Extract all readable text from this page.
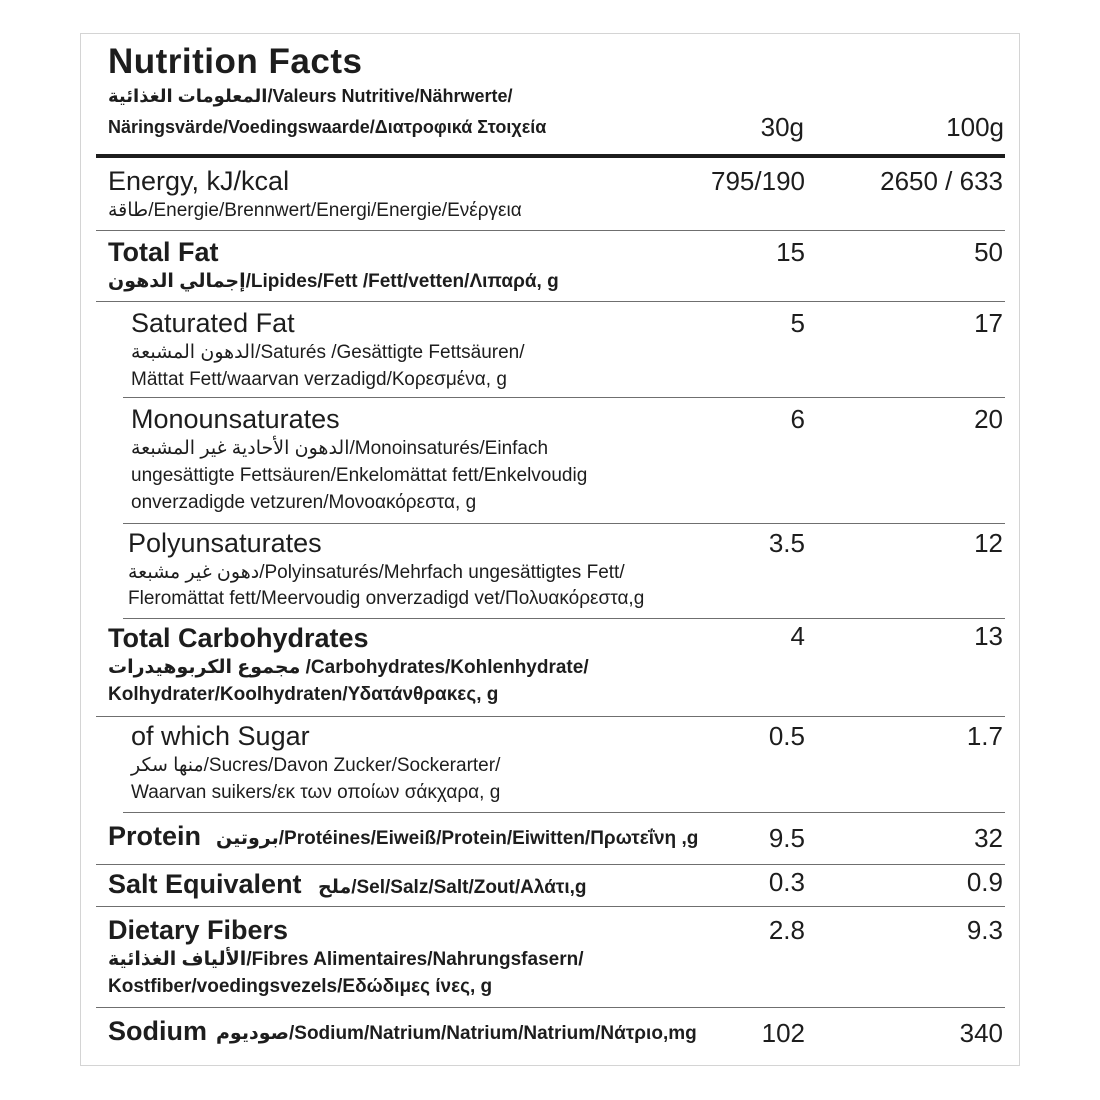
Nutrition Facts
المعلومات الغذائية/Valeurs Nutritive/Nährwerte/
Näringsvärde/Voedingswaarde/Διατροφικά Στοιχεία	30g	100g
Energy, kJ/kcal
طاقة/Energie/Brennwert/Energi/Energie/Ενέργεια
795/190	2650 / 633
Total Fat
إجمالي الدهون/Lipides/Fett /Fett/vetten/Λιπαρά, g
15	50
Saturated Fat
الدهون المشبعة/Saturés /Gesättigte Fettsäuren/
Mättat Fett/waarvan verzadigd/Κορεσμένα, g
5	17
Monounsaturates
الدهون الأحادية غير المشبعة/Monoinsaturés/Einfach
ungesättigte Fettsäuren/Enkelomättat fett/Enkelvoudig
onverzadigde vetzuren/Μονοακόρεστα, g
6	20
Polyunsaturates
دهون غير مشبعة/Polyinsaturés/Mehrfach ungesättigtes Fett/
Fleromättat fett/Meervoudig onverzadigd vet/Πολυακόρεστα,g
3.5	12
Total Carbohydrates
مجموع الكربوهيدرات /Carbohydrates/Kohlenhydrate/
Kolhydrater/Koolhydraten/Υδατάνθρακες, g
4	13
of which Sugar
منها سكر/Sucres/Davon Zucker/Sockerarter/
Waarvan suikers/εκ των οποίων σάκχαρα, g
0.5	1.7
Protein بروتين/Protéines/Eiweiß/Protein/Eiwitten/Πρωτεΐνη ,g	9.5	32
Salt Equivalent ملح/Sel/Salz/Salt/Zout/Αλάτι,g	0.3	0.9
Dietary Fibers
الألياف الغذائية/Fibres Alimentaires/Nahrungsfasern/
Kostfiber/voedingsvezels/Εδώδιμες ίνες, g
2.8	9.3
Sodium صوديوم/Sodium/Natrium/Natrium/Natrium/Νάτριο,mg 102	340
